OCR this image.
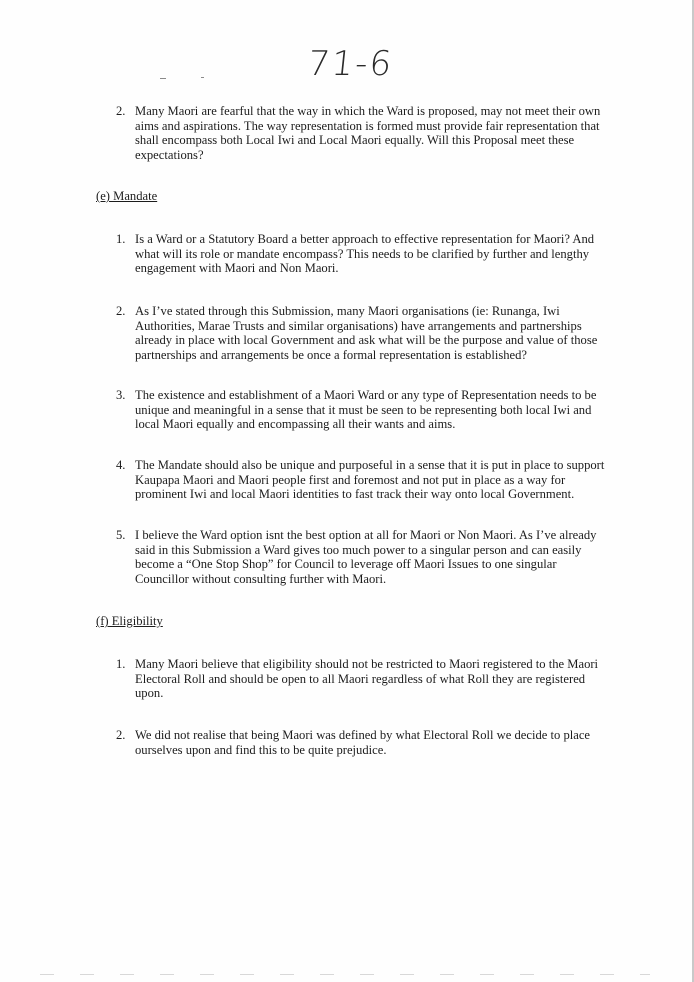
71-6
2. Many Maori are fearful that the way in which the Ward is proposed, may not meet their own aims and aspirations. The way representation is formed must provide fair representation that shall encompass both Local Iwi and Local Maori equally. Will this Proposal meet these expectations?
(e) Mandate
1. Is a Ward or a Statutory Board a better approach to effective representation for Maori? And what will its role or mandate encompass? This needs to be clarified by further and lengthy engagement with Maori and Non Maori.
2. As I’ve stated through this Submission, many Maori organisations (ie: Runanga, Iwi Authorities, Marae Trusts and similar organisations) have arrangements and partnerships already in place with local Government and ask what will be the purpose and value of those partnerships and arrangements be once a formal representation is established?
3. The existence and establishment of a Maori Ward or any type of Representation needs to be unique and meaningful in a sense that it must be seen to be representing both local Iwi and local Maori equally and encompassing all their wants and aims.
4. The Mandate should also be unique and purposeful in a sense that it is put in place to support Kaupapa Maori and Maori people first and foremost and not put in place as a way for prominent Iwi and local Maori identities to fast track their way onto local Government.
5. I believe the Ward option isnt the best option at all for Maori or Non Maori. As I’ve already said in this Submission a Ward gives too much power to a singular person and can easily become a “One Stop Shop” for Council to leverage off Maori Issues to one singular Councillor without consulting further with Maori.
(f) Eligibility
1. Many Maori believe that eligibility should not be restricted to Maori registered to the Maori Electoral Roll and should be open to all Maori regardless of what Roll they are registered upon.
2. We did not realise that being Maori was defined by what Electoral Roll we decide to place ourselves upon and find this to be quite prejudice.
